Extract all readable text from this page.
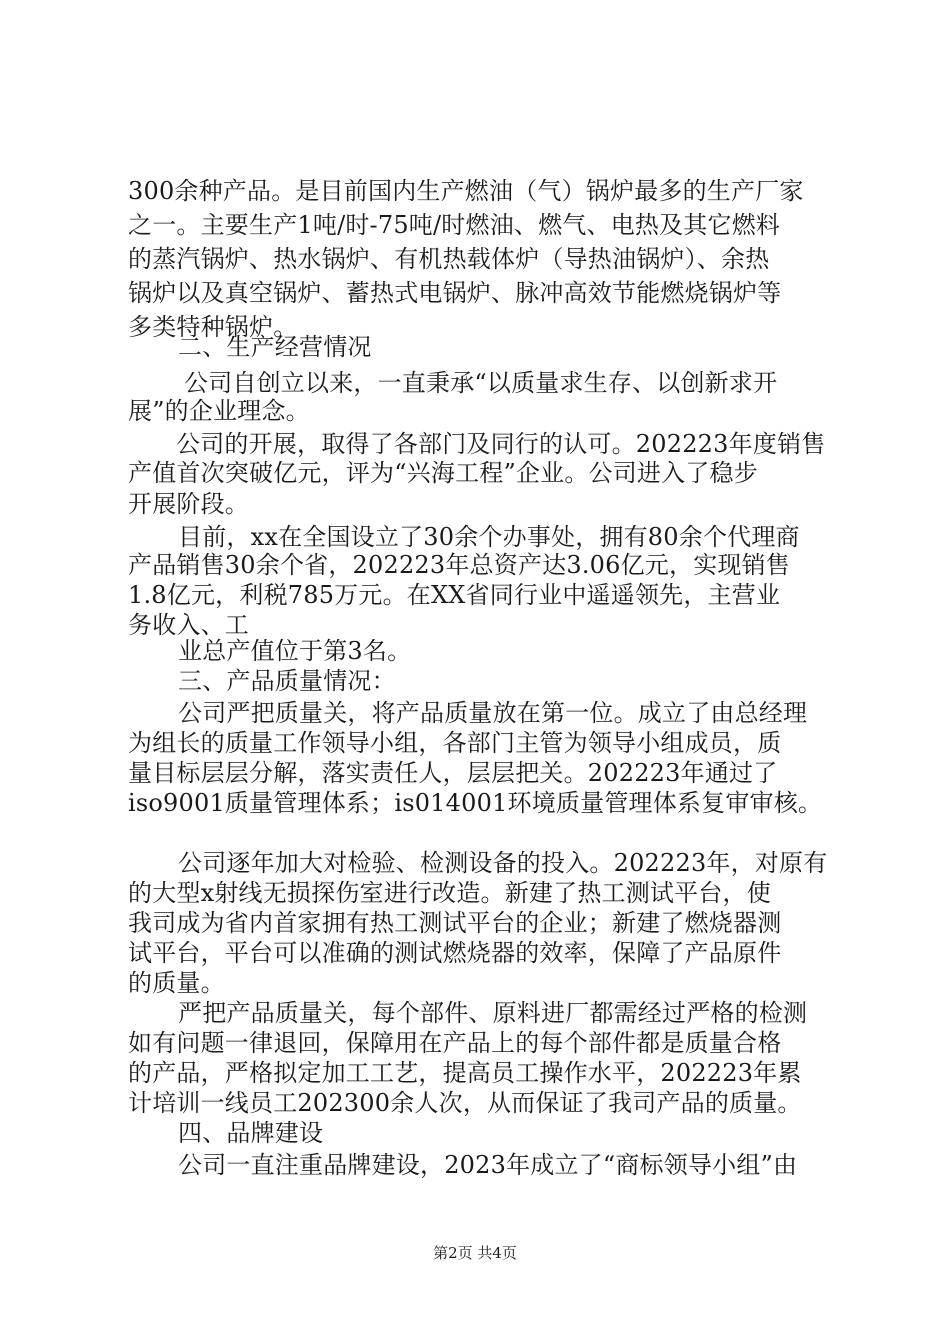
300余种产品。是目前国内生产燃油（气）锅炉最多的生产厂家
之一。主要生产1吨/时-75吨/时燃油、燃气、电热及其它燃料
的蒸汽锅炉、热水锅炉、有机热载体炉（导热油锅炉）、余热
锅炉以及真空锅炉、蓄热式电锅炉、脉冲高效节能燃烧锅炉等
多类特种锅炉。
二、生产经营情况
公司自创立以来，一直秉承“以质量求生存、以创新求开
展”的企业理念。
公司的开展，取得了各部门及同行的认可。202223年度销售
产值首次突破亿元，评为“兴海工程”企业。公司进入了稳步
开展阶段。
目前，xx在全国设立了30余个办事处，拥有80余个代理商
产品销售30余个省，202223年总资产达3.06亿元，实现销售
1.8亿元，利税785万元。在XX省同行业中遥遥领先，主营业
务收入、工
业总产值位于第3名。
三、产品质量情况：
公司严把质量关，将产品质量放在第一位。成立了由总经理
为组长的质量工作领导小组，各部门主管为领导小组成员，质
量目标层层分解，落实责任人，层层把关。202223年通过了
iso9001质量管理体系；is014001环境质量管理体系复审审核。
公司逐年加大对检验、检测设备的投入。202223年，对原有
的大型x射线无损探伤室进行改造。新建了热工测试平台，使
我司成为省内首家拥有热工测试平台的企业；新建了燃烧器测
试平台，平台可以准确的测试燃烧器的效率，保障了产品原件
的质量。
严把产品质量关，每个部件、原料进厂都需经过严格的检测
如有问题一律退回，保障用在产品上的每个部件都是质量合格
的产品，严格拟定加工工艺，提高员工操作水平，202223年累
计培训一线员工202300余人次，从而保证了我司产品的质量。
四、品牌建设
公司一直注重品牌建设，2023年成立了“商标领导小组”由
第2页 共4页
